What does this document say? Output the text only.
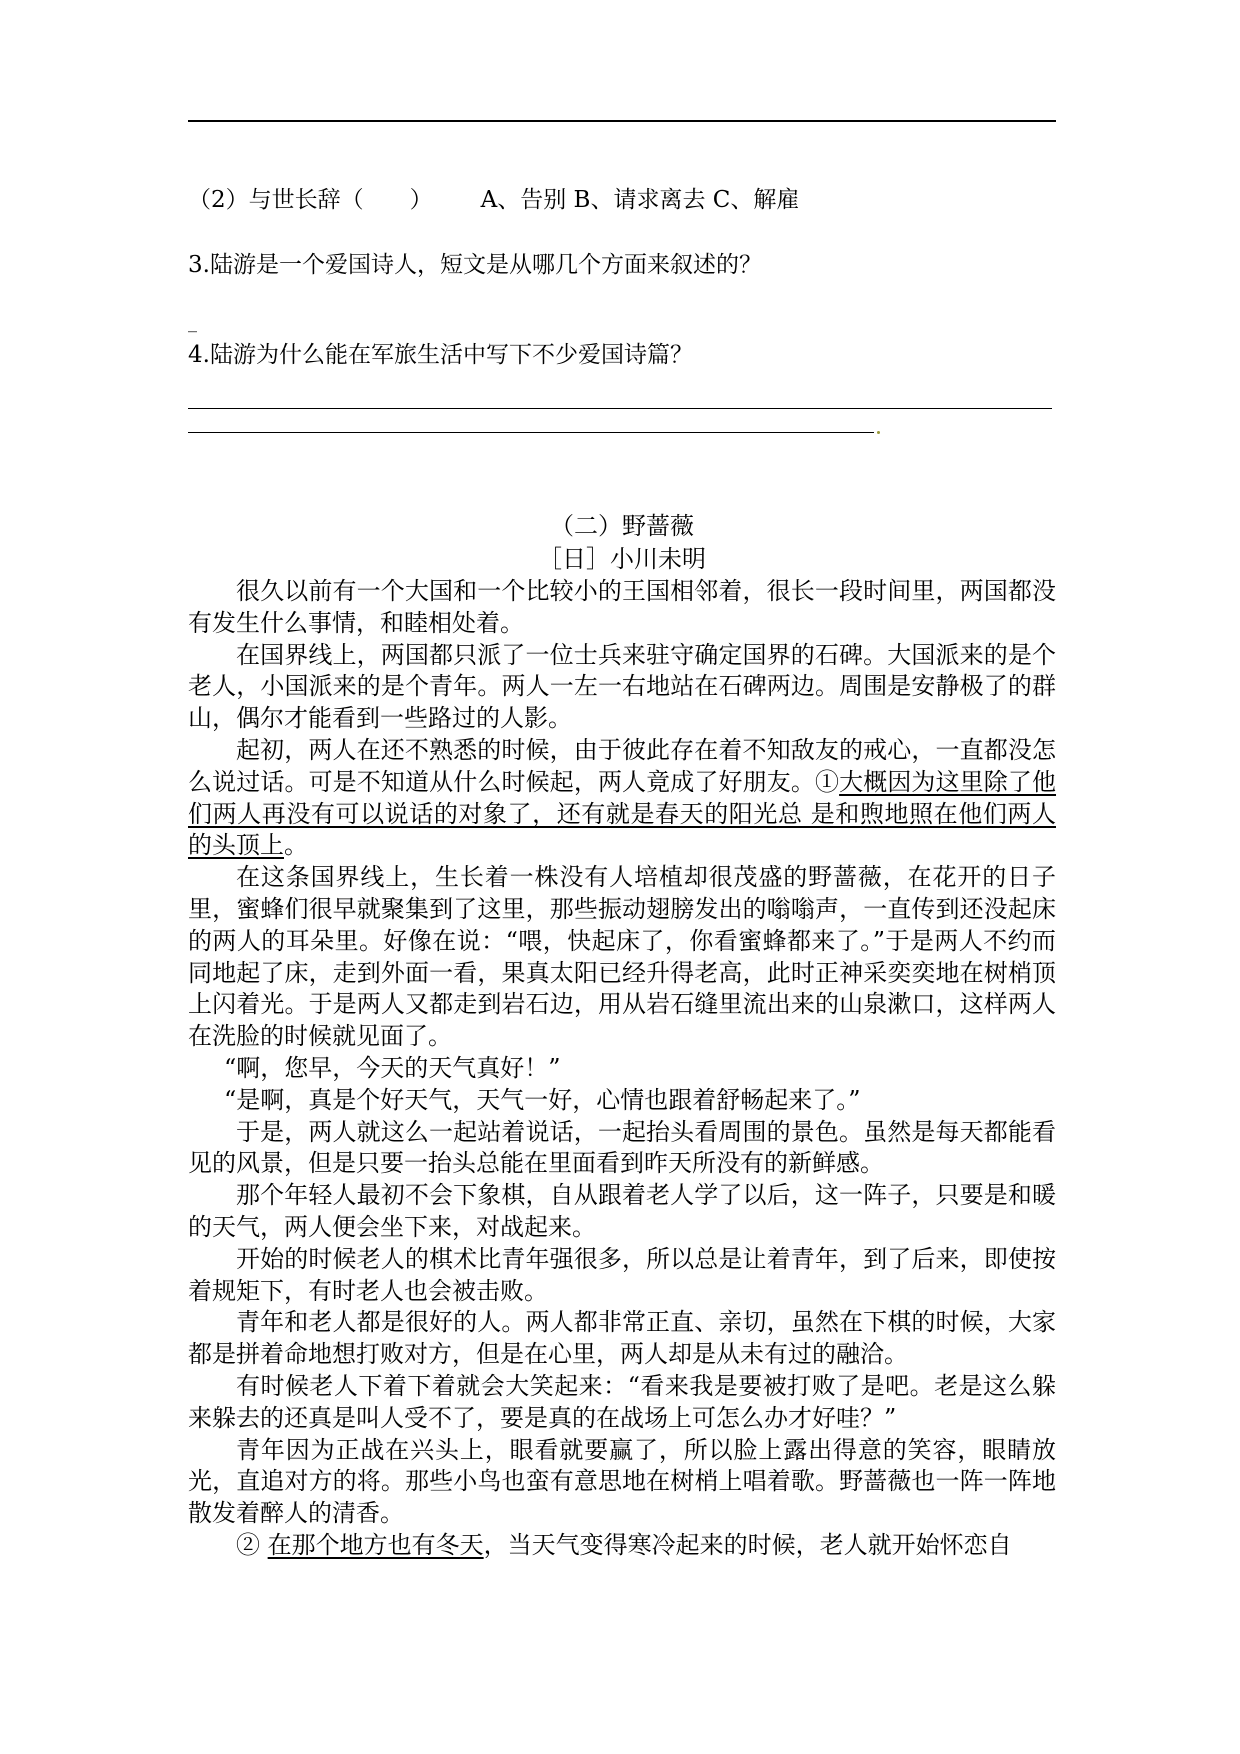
（2）与世长辞（　　） A、告别 B、请求离去 C、解雇
3.陆游是一个爱国诗人，短文是从哪几个方面来叙述的？
_
4.陆游为什么能在军旅生活中写下不少爱国诗篇？
（二）野蔷薇
［日］小川未明

很久以前有一个大国和一个比较小的王国相邻着，很长一段时间里，两国都没有发生什么事情，和睦相处着。

在国界线上，两国都只派了一位士兵来驻守确定国界的石碑。大国派来的是个老人，小国派来的是个青年。两人一左一右地站在石碑两边。周围是安静极了的群山，偶尔才能看到一些路过的人影。

起初，两人在还不熟悉的时候，由于彼此存在着不知敌友的戒心，一直都没怎么说过话。可是不知道从什么时候起，两人竟成了好朋友。①大概因为这里除了他们两人再没有可以说话的对象了，还有就是春天的阳光总 是和煦地照在他们两人的头顶上。

在这条国界线上，生长着一株没有人培植却很茂盛的野蔷薇，在花开的日子里，蜜蜂们很早就聚集到了这里，那些振动翅膀发出的嗡嗡声，一直传到还没起床的两人的耳朵里。好像在说：“喂，快起床了，你看蜜蜂都来了。”于是两人不约而同地起了床，走到外面一看，果真太阳已经升得老高，此时正神采奕奕地在树梢顶上闪着光。于是两人又都走到岩石边，用从岩石缝里流出来的山泉漱口，这样两人在洗脸的时候就见面了。

“啊，您早，今天的天气真好！”

“是啊，真是个好天气，天气一好，心情也跟着舒畅起来了。”

于是，两人就这么一起站着说话，一起抬头看周围的景色。虽然是每天都能看见的风景，但是只要一抬头总能在里面看到昨天所没有的新鲜感。

那个年轻人最初不会下象棋，自从跟着老人学了以后，这一阵子，只要是和暖的天气，两人便会坐下来，对战起来。

开始的时候老人的棋术比青年强很多，所以总是让着青年，到了后来，即使按着规矩下，有时老人也会被击败。

青年和老人都是很好的人。两人都非常正直、亲切，虽然在下棋的时候，大家都是拼着命地想打败对方，但是在心里，两人却是从未有过的融洽。

有时候老人下着下着就会大笑起来：“看来我是要被打败了是吧。老是这么躲来躲去的还真是叫人受不了，要是真的在战场上可怎么办才好哇？”

青年因为正战在兴头上，眼看就要赢了，所以脸上露出得意的笑容，眼睛放光，直追对方的将。那些小鸟也蛮有意思地在树梢上唱着歌。野蔷薇也一阵一阵地散发着醉人的清香。

② 在那个地方也有冬天，当天气变得寒冷起来的时候，老人就开始怀恋自
